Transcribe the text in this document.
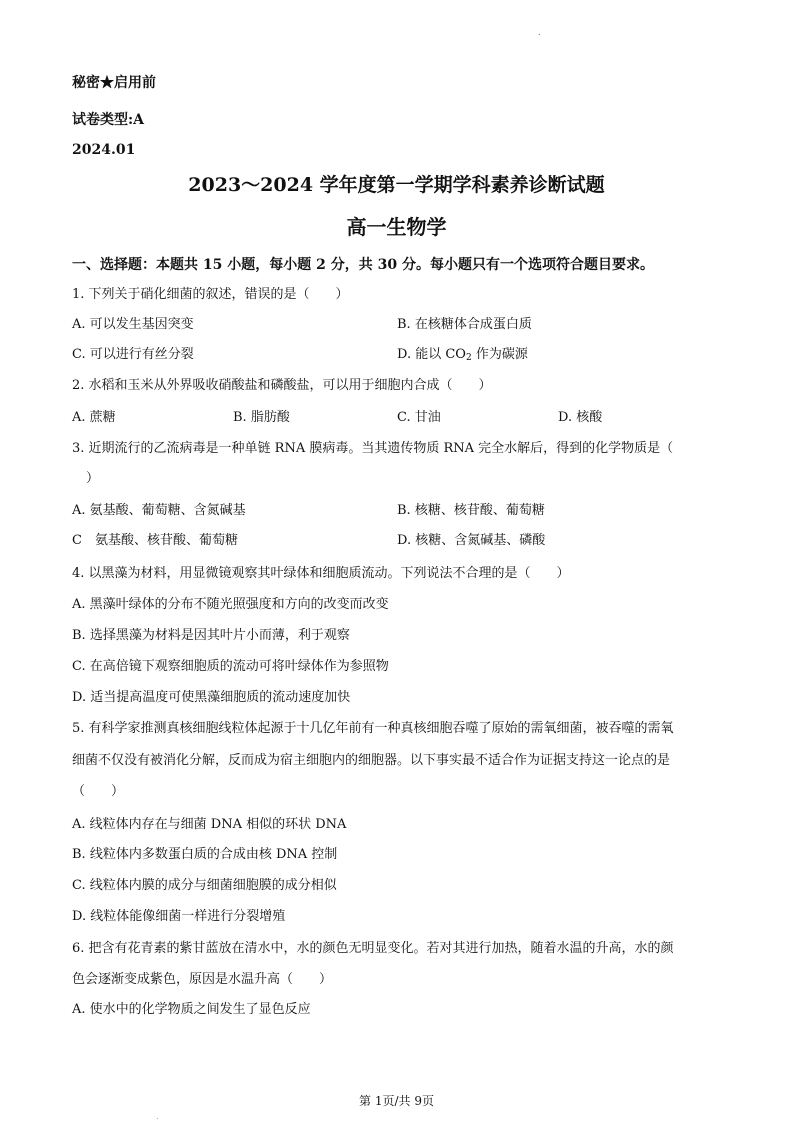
.
秘密★启用前
试卷类型:A
2024.01
2023～2024 学年度第一学期学科素养诊断试题
高一生物学
一、选择题：本题共 15 小题，每小题 2 分，共 30 分。每小题只有一个选项符合题目要求。
1. 下列关于硝化细菌的叙述，错误的是（　　）
A. 可以发生基因突变	B. 在核糖体合成蛋白质
C. 可以进行有丝分裂	D. 能以 $CO_2$ 作为碳源
2. 水稻和玉米从外界吸收硝酸盐和磷酸盐，可以用于细胞内合成（　　）
A. 蔗糖	B. 脂肪酸	C. 甘油	D. 核酸
3. 近期流行的乙流病毒是一种单链 RNA 膜病毒。当其遗传物质 RNA 完全水解后，得到的化学物质是（
）
A. 氨基酸、葡萄糖、含氮碱基	B. 核糖、核苷酸、葡萄糖
C　氨基酸、核苷酸、葡萄糖	D. 核糖、含氮碱基、磷酸
4. 以黑藻为材料，用显微镜观察其叶绿体和细胞质流动。下列说法不合理的是（　　）
A. 黑藻叶绿体的分布不随光照强度和方向的改变而改变
B. 选择黑藻为材料是因其叶片小而薄，利于观察
C. 在高倍镜下观察细胞质的流动可将叶绿体作为参照物
D. 适当提高温度可使黑藻细胞质的流动速度加快
5. 有科学家推测真核细胞线粒体起源于十几亿年前有一种真核细胞吞噬了原始的需氧细菌，被吞噬的需氧
细菌不仅没有被消化分解，反而成为宿主细胞内的细胞器。以下事实最不适合作为证据支持这一论点的是
（　　）
A. 线粒体内存在与细菌 DNA 相似的环状 DNA
B. 线粒体内多数蛋白质的合成由核 DNA 控制
C. 线粒体内膜的成分与细菌细胞膜的成分相似
D. 线粒体能像细菌一样进行分裂增殖
6. 把含有花青素的紫甘蓝放在清水中，水的颜色无明显变化。若对其进行加热，随着水温的升高，水的颜
色会逐渐变成紫色，原因是水温升高（　　）
A. 使水中的化学物质之间发生了显色反应
第 1页/共 9页
.
